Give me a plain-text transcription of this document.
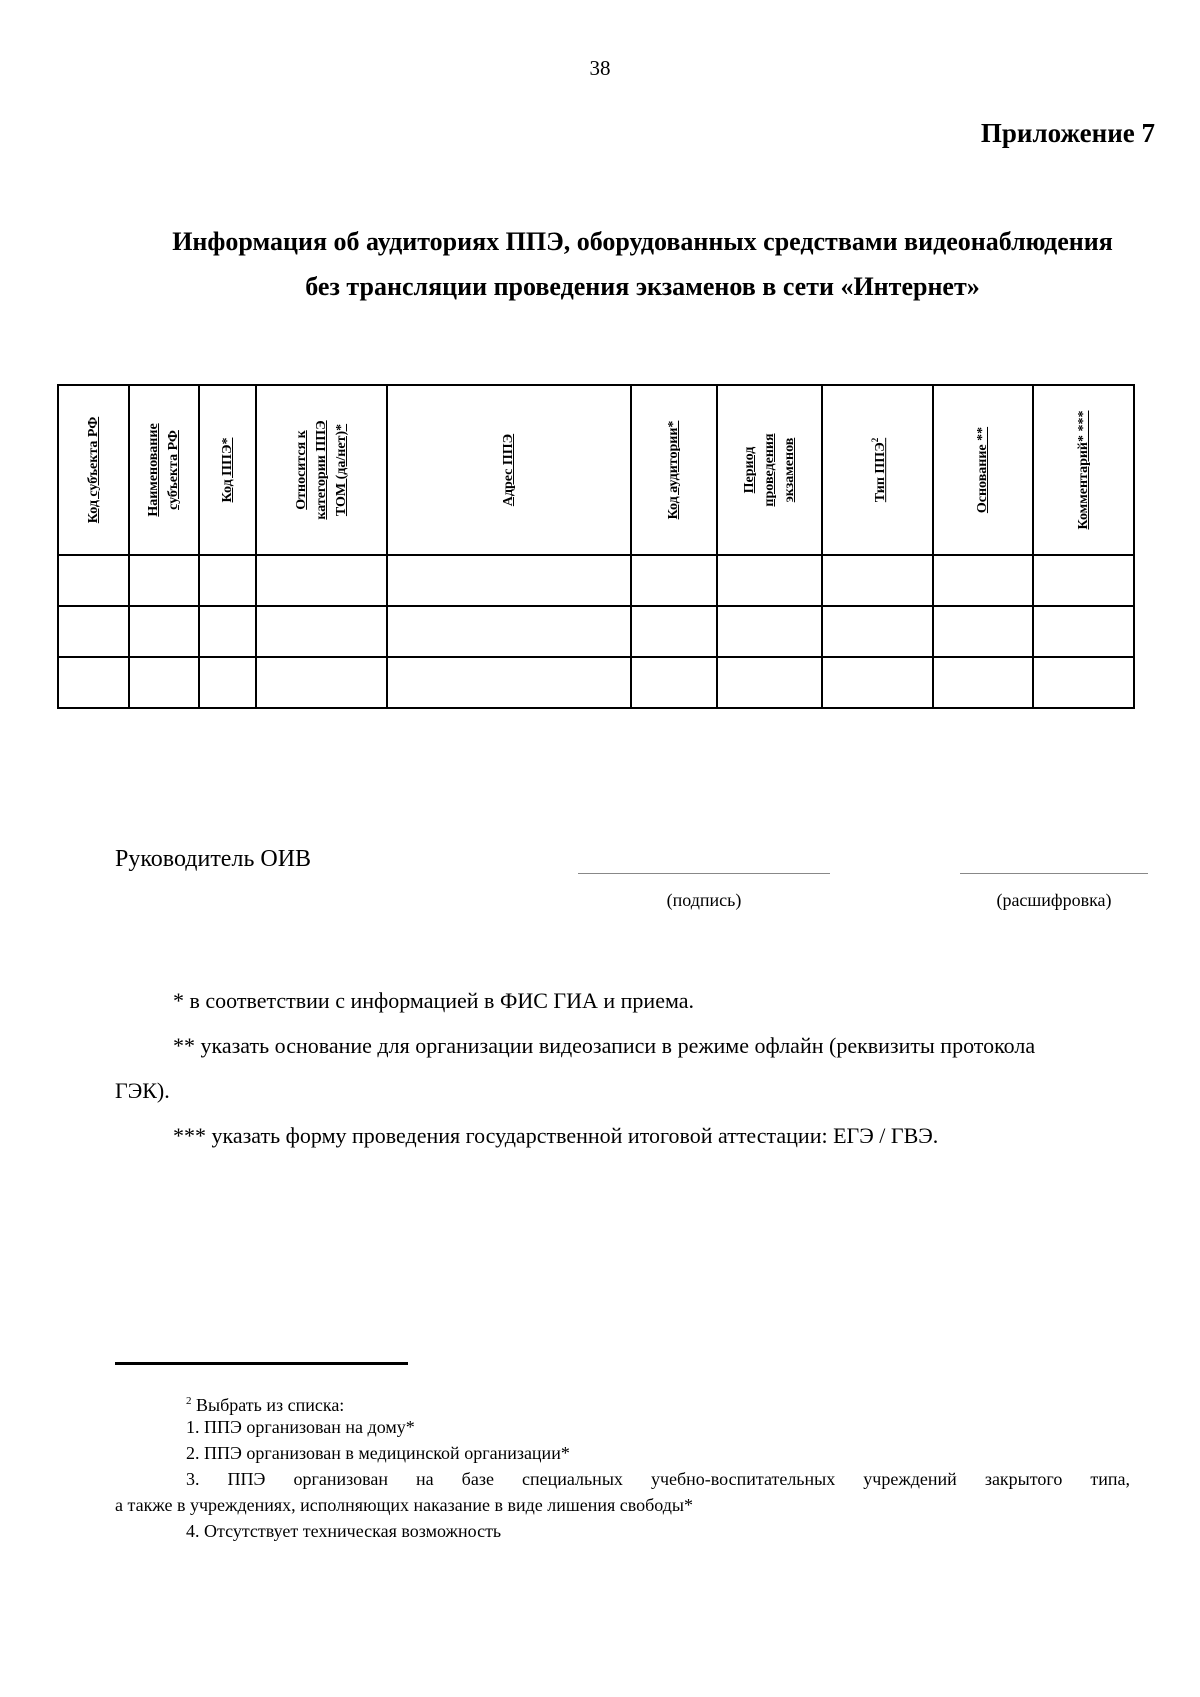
38
Приложение 7
Информация об аудиториях ППЭ, оборудованных средствами видеонаблюдения
без трансляции проведения экзаменов в сети «Интернет»
Код субъекта РФ	Наименование субъекта РФ	Код ППЭ*	Относится к категории ППЭ ТОМ (да/нет)*	Адрес ППЭ	Код аудитории*	Период проведения экзаменов	Тип ППЭ$^2$	Основание **	Комментарий* ***

Руководитель ОИВ
(подпись)	(расшифровка)
* в соответствии с информацией в ФИС ГИА и приема.
** указать основание для организации видеозаписи в режиме офлайн (реквизиты протокола
ГЭК).
*** указать форму проведения государственной итоговой аттестации: ЕГЭ / ГВЭ.
$^2$ Выбрать из списка:
1. ППЭ организован на дому*
2. ППЭ организован в медицинской организации*
3. ППЭ организован на базе специальных учебно-воспитательных учреждений закрытого типа,
а также в учреждениях, исполняющих наказание в виде лишения свободы*
4. Отсутствует техническая возможность
